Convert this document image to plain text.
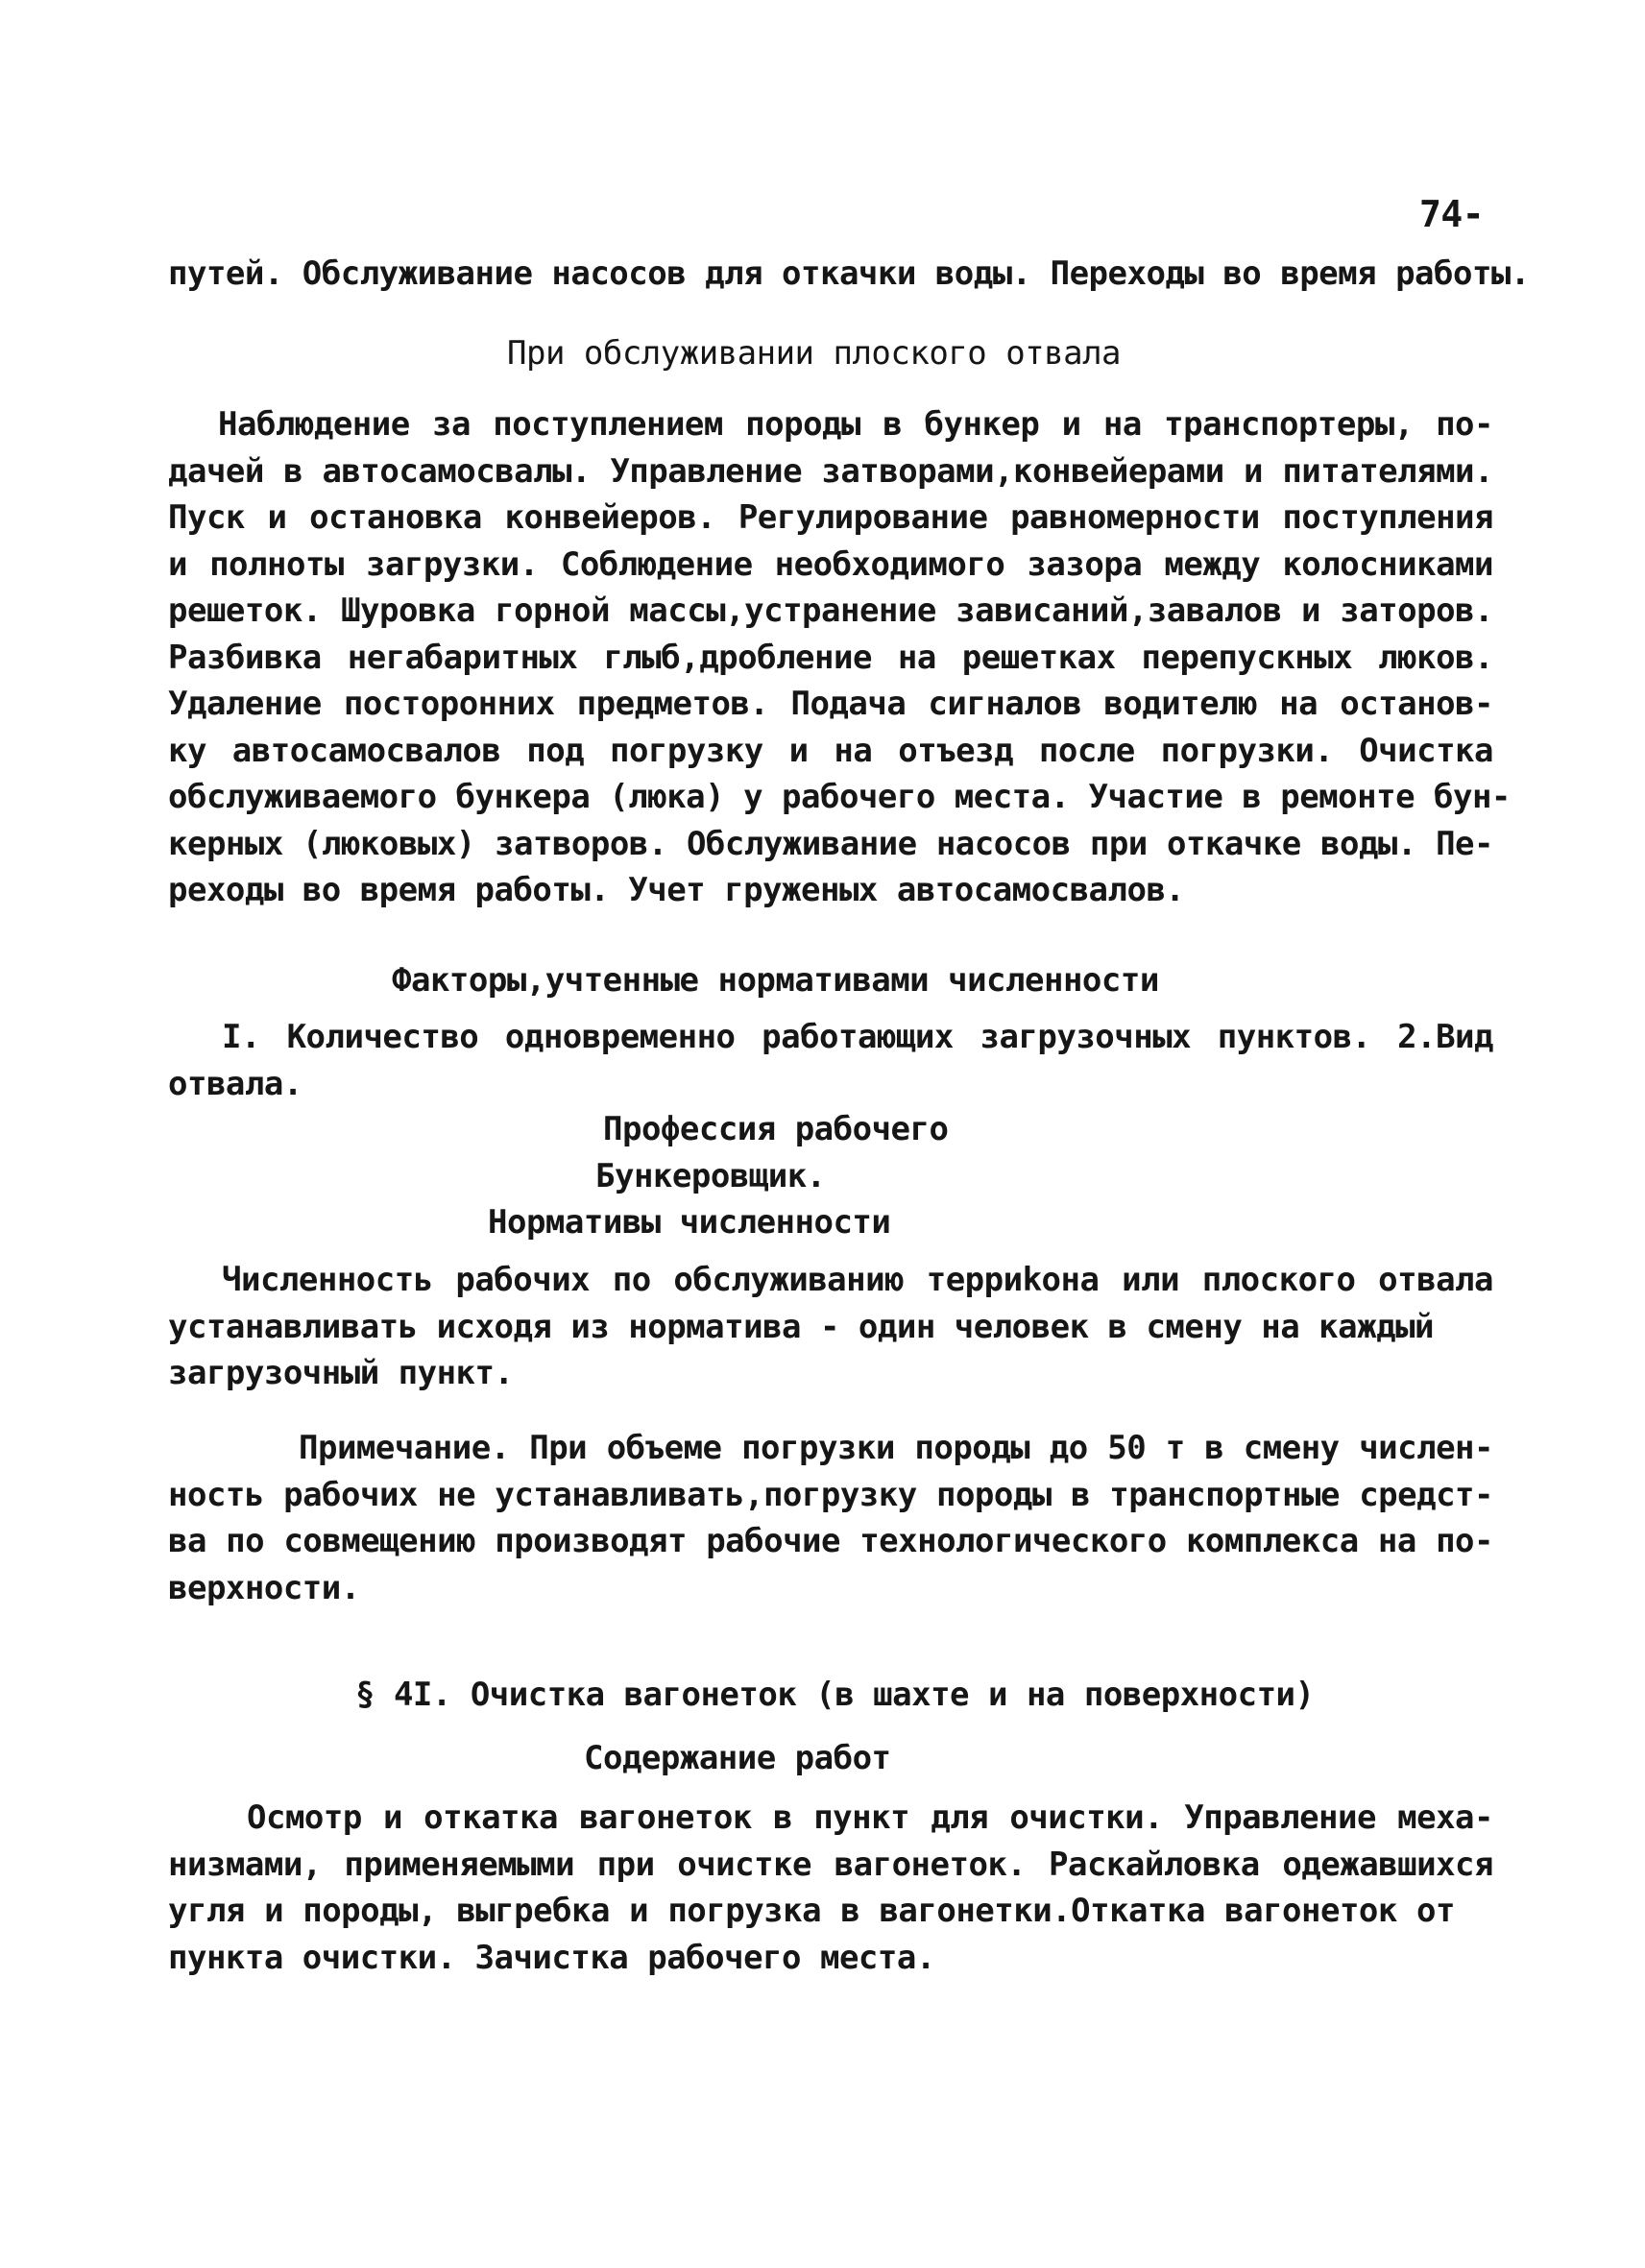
74-

путей. Обслуживание насосов для откачки воды. Переходы во время работы.

При обслуживании плоского отвала

Наблюдение за поступлением породы в бункер и на транспортеры, по-
дачей в автосамосвалы. Управление затворами,конвейерами и питателями.
Пуск и остановка конвейеров. Регулирование равномерности поступления
и полноты загрузки. Соблюдение необходимого зазора между колосниками
решеток. Шуровка горной массы,устранение зависаний,завалов и заторов.
Разбивка негабаритных глыб,дробление на решетках перепускных люков.
Удаление посторонних предметов. Подача сигналов водителю на останов-
ку автосамосвалов под погрузку и на отъезд после погрузки. Очистка
обслуживаемого бункера (люка) у рабочего места. Участие в ремонте бун-
керных (люковых) затворов. Обслуживание насосов при откачке воды. Пе-
реходы во время работы. Учет груженых автосамосвалов.

Факторы,учтенные нормативами численности

I. Количество одновременно работающих загрузочных пунктов. 2.Вид
отвала.

Профессия рабочего

Бункеровщик.

Нормативы численности

Численность рабочих по обслуживанию терриkона или плоского отвала
устанавливать исходя из норматива - один человек в смену на каждый
загрузочный пункт.
Примечание. При объеме погрузки породы до 50 т в смену числен-
ность рабочих не устанавливать,погрузку породы в транспортные средст-
ва по совмещению производят рабочие технологического комплекса на по-
верхности.

§ 4I. Очистка вагонеток (в шахте и на поверхности)

Содержание работ

Осмотр и откатка вагонеток в пункт для очистки. Управление меха-
низмами, применяемыми при очистке вагонеток. Раскайловка одежавшихся
угля и породы, выгребка и погрузка в вагонетки.Откатка вагонеток от
пункта очистки. Зачистка рабочего места.
